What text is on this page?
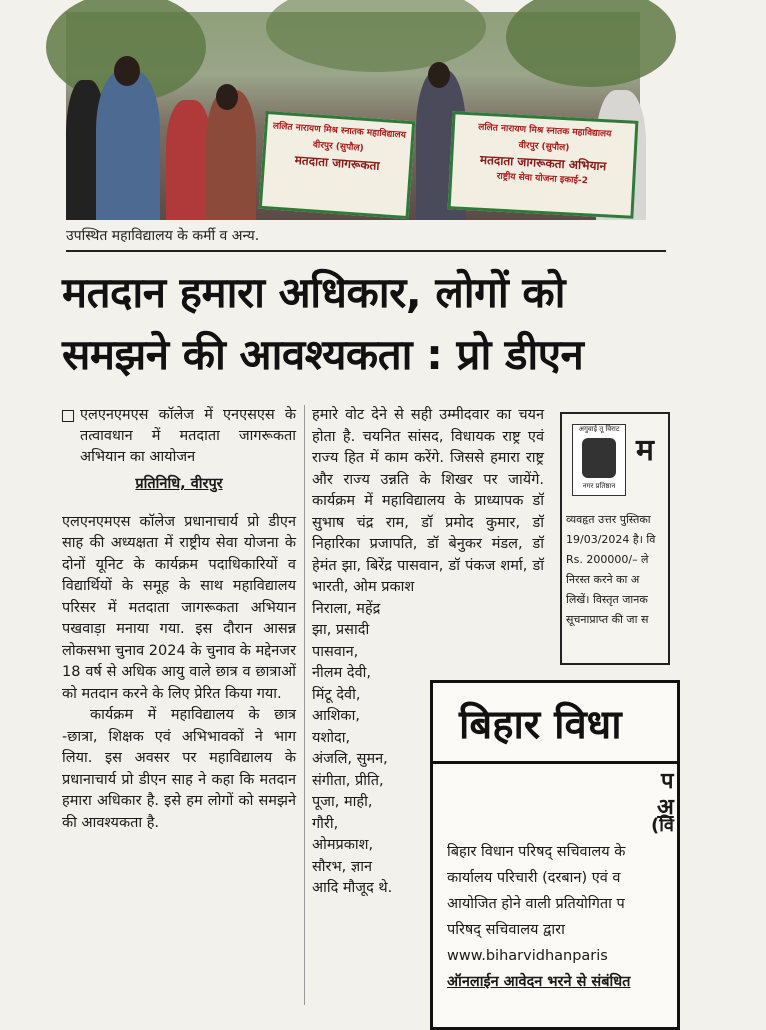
ललित नारायण मिश्र स्नातक महाविद्यालय
वीरपुर (सुपौल)
मतदाता जागरूकता
ललित नारायण मिश्र स्नातक महाविद्यालय
वीरपुर (सुपौल)
मतदाता जागरूकता अभियान
राष्ट्रीय सेवा योजना इकाई-2
उपस्थित महाविद्यालय के कर्मी व अन्य.
मतदान हमारा अधिकार, लोगों को
समझने की आवश्यकता : प्रो डीएन
एलएनएमएस कॉलेज में एनएसएस के तत्वावधान में मतदाता जागरूकता अभियान का आयोजन
प्रतिनिधि, वीरपुर
एलएनएमएस कॉलेज प्रधानाचार्य प्रो डीएन साह की अध्यक्षता में राष्ट्रीय सेवा योजना के दोनों यूनिट के कार्यक्रम पदाधिकारियों व विद्यार्थियों के समूह के साथ महाविद्यालय परिसर में मतदाता जागरूकता अभियान पखवाड़ा मनाया गया. इस दौरान आसन्न लोकसभा चुनाव 2024 के चुनाव के मद्देनजर 18 वर्ष से अधिक आयु वाले छात्र व छात्राओं को मतदान करने के लिए प्रेरित किया गया.
कार्यक्रम में महाविद्यालय के छात्र -छात्रा, शिक्षक एवं अभिभावकों ने भाग लिया. इस अवसर पर महाविद्यालय के प्रधानाचार्य प्रो डीएन साह ने कहा कि मतदान हमारा अधिकार है. इसे हम लोगों को समझने की आवश्यकता है.
हमारे वोट देने से सही उम्मीदवार का चयन होता है. चयनित सांसद, विधायक राष्ट्र एवं राज्य हित में काम करेंगे. जिससे हमारा राष्ट्र और राज्य उन्नति के शिखर पर जायेंगे. कार्यक्रम में महाविद्यालय के प्राध्यापक डॉ सुभाष चंद्र राम, डॉ प्रमोद कुमार, डॉ निहारिका प्रजापति, डॉ बेनुकर मंडल, डॉ हेमंत झा, बिरेंद्र पासवान, डॉ पंकज शर्मा, डॉ भारती, ओम प्रकाश
निराला, महेंद्र
झा, प्रसादी
पासवान,
नीलम देवी,
मिंटू देवी,
आशिका,
यशोदा,
अंजलि, सुमन,
संगीता, प्रीति,
पूजा, माही,
गौरी,
ओमप्रकाश,
सौरभ, ज्ञान
आदि मौजूद थे.
अगुवाई तू विराट
नगर प्रतिष्ठान
म
व्यवहृत उत्तर पुस्तिका
19/03/2024 है। वि
Rs. 200000/– ले
निरस्त करने का अ
लिखें। विस्तृत जानक
सूचनाप्राप्त की जा स
बिहार विधा
प
अ
(वि
बिहार विधान परिषद् सचिवालय के
कार्यालय परिचारी (दरबान) एवं व
आयोजित होने वाली प्रतियोगिता प
परिषद् सचिवालय द्वारा
www.biharvidhanparis
ऑनलाईन आवेदन भरने से संबंधित
